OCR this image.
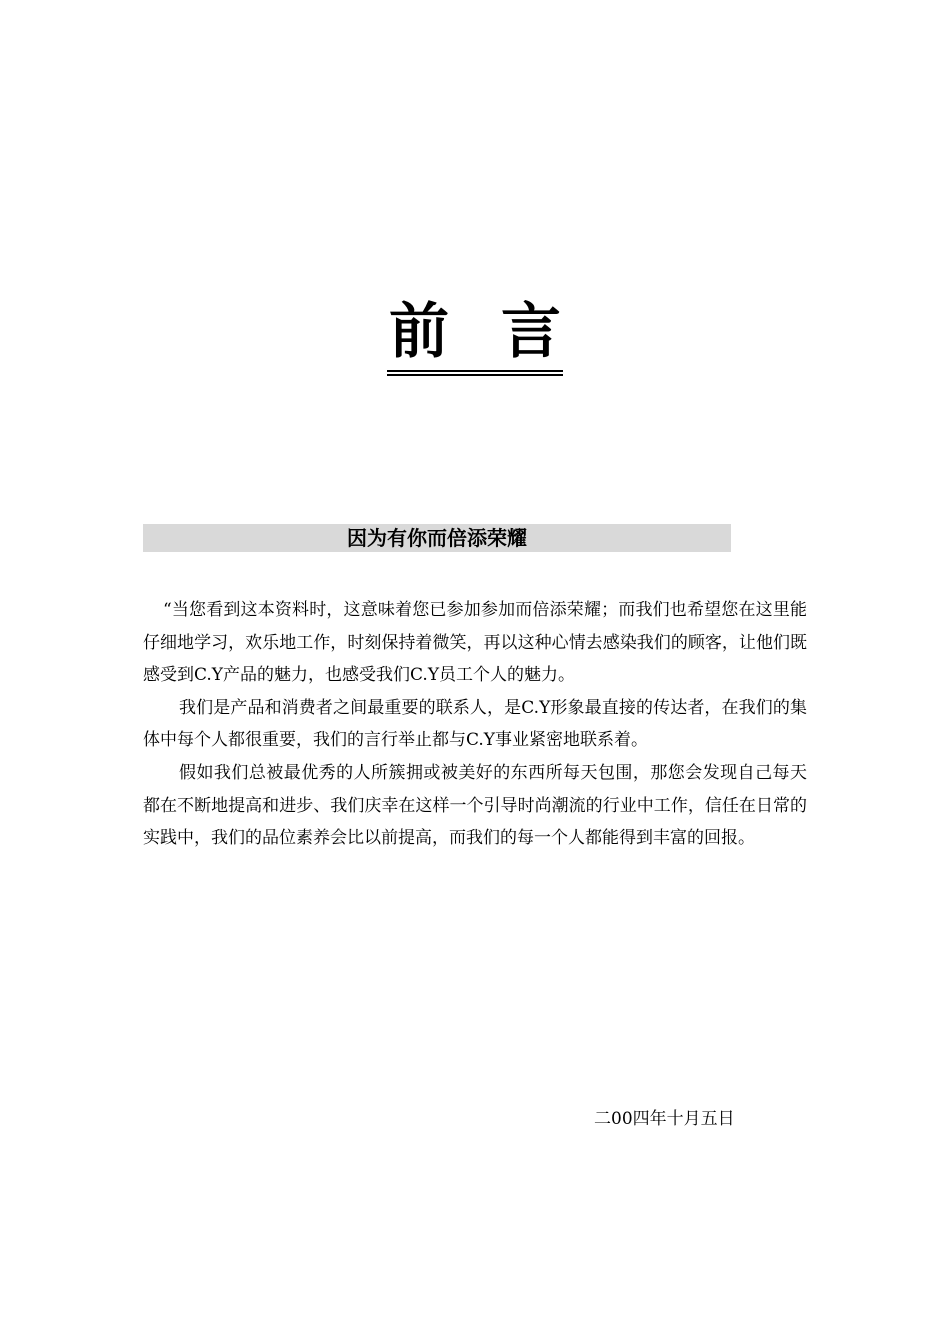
前 言
因为有你而倍添荣耀

“当您看到这本资料时，这意味着您已参加参加而倍添荣耀；而我们也希望您在这里能仔细地学习，欢乐地工作，时刻保持着微笑，再以这种心情去感染我们的顾客，让他们既感受到C.Y产品的魅力，也感受我们C.Y员工个人的魅力。

我们是产品和消费者之间最重要的联系人，是C.Y形象最直接的传达者，在我们的集体中每个人都很重要，我们的言行举止都与C.Y事业紧密地联系着。

假如我们总被最优秀的人所簇拥或被美好的东西所每天包围，那您会发现自己每天都在不断地提高和进步、我们庆幸在这样一个引导时尚潮流的行业中工作，信任在日常的实践中，我们的品位素养会比以前提高，而我们的每一个人都能得到丰富的回报。

二00四年十月五日
